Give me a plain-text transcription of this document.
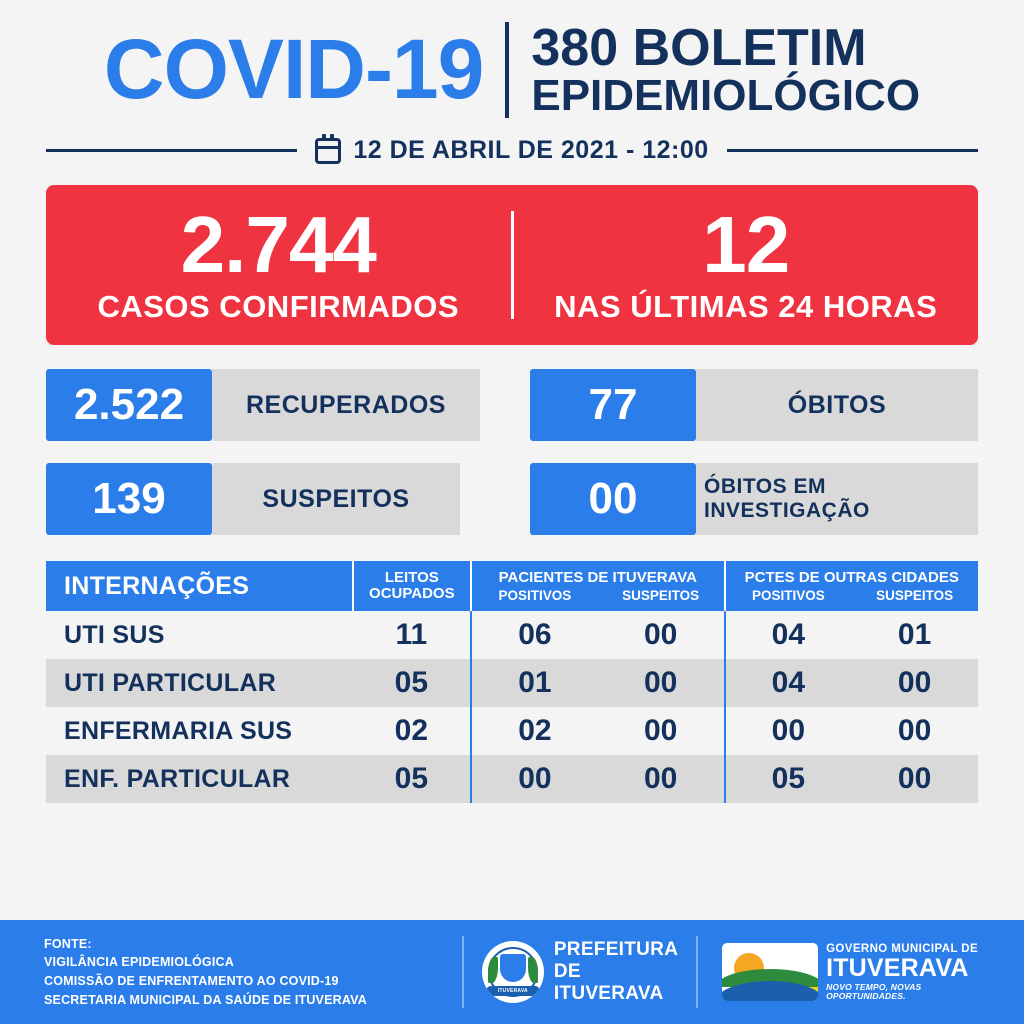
COVID-19 380 BOLETIM
EPIDEMIOLÓGICO
12 DE ABRIL DE 2021 - 12:00
2.744
CASOS CONFIRMADOS
12
NAS ÚLTIMAS 24 HORAS
2.522	RECUPERADOS	77	ÓBITOS
139	SUSPEITOS	00	ÓBITOS EM INVESTIGAÇÃO
INTERNAÇÕES	LEITOS OCUPADOS	PACIENTES DE ITUVERAVA		PCTES DE OUTRAS CIDADES	
		POSITIVOS	SUSPEITOS	POSITIVOS	SUSPEITOS
UTI SUS	11	06	00	04	01
UTI PARTICULAR	05	01	00	04	00
ENFERMARIA SUS	02	02	00	00	00
ENF. PARTICULAR	05	00	00	05	00
FONTE:
VIGILÂNCIA EPIDEMIOLÓGICA
COMISSÃO DE ENFRENTAMENTO AO COVID-19
SECRETARIA MUNICIPAL DA SAÚDE DE ITUVERAVA
ITUVERAVA
PREFEITURA
DE ITUVERAVA
GOVERNO MUNICIPAL DE
ITUVERAVA
NOVO TEMPO, NOVAS OPORTUNIDADES.
